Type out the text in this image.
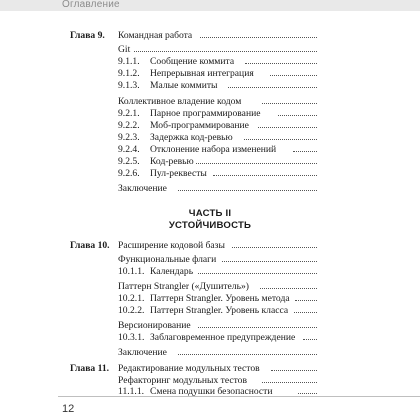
Оглавление
Глава 9. Командная работа
Git
9.1.1. Сообщение коммита
9.1.2. Непрерывная интеграция
9.1.3. Малые коммиты
Коллективное владение кодом
9.2.1. Парное программирование
9.2.2. Моб-программирование
9.2.3. Задержка код-ревью
9.2.4. Отклонение набора изменений
9.2.5. Код-ревью
9.2.6. Пул-реквесты
Заключение
ЧАСТЬ II
УСТОЙЧИВОСТЬ
Глава 10. Расширение кодовой базы
Функциональные флаги
10.1.1. Календарь
Паттерн Strangler («Душитель»)
10.2.1. Паттерн Strangler. Уровень метода
10.2.2. Паттерн Strangler. Уровень класса
Версионирование
10.3.1. Заблаговременное предупреждение
Заключение
Глава 11. Редактирование модульных тестов
Рефакторинг модульных тестов
11.1.1. Смена подушки безопасности
12
